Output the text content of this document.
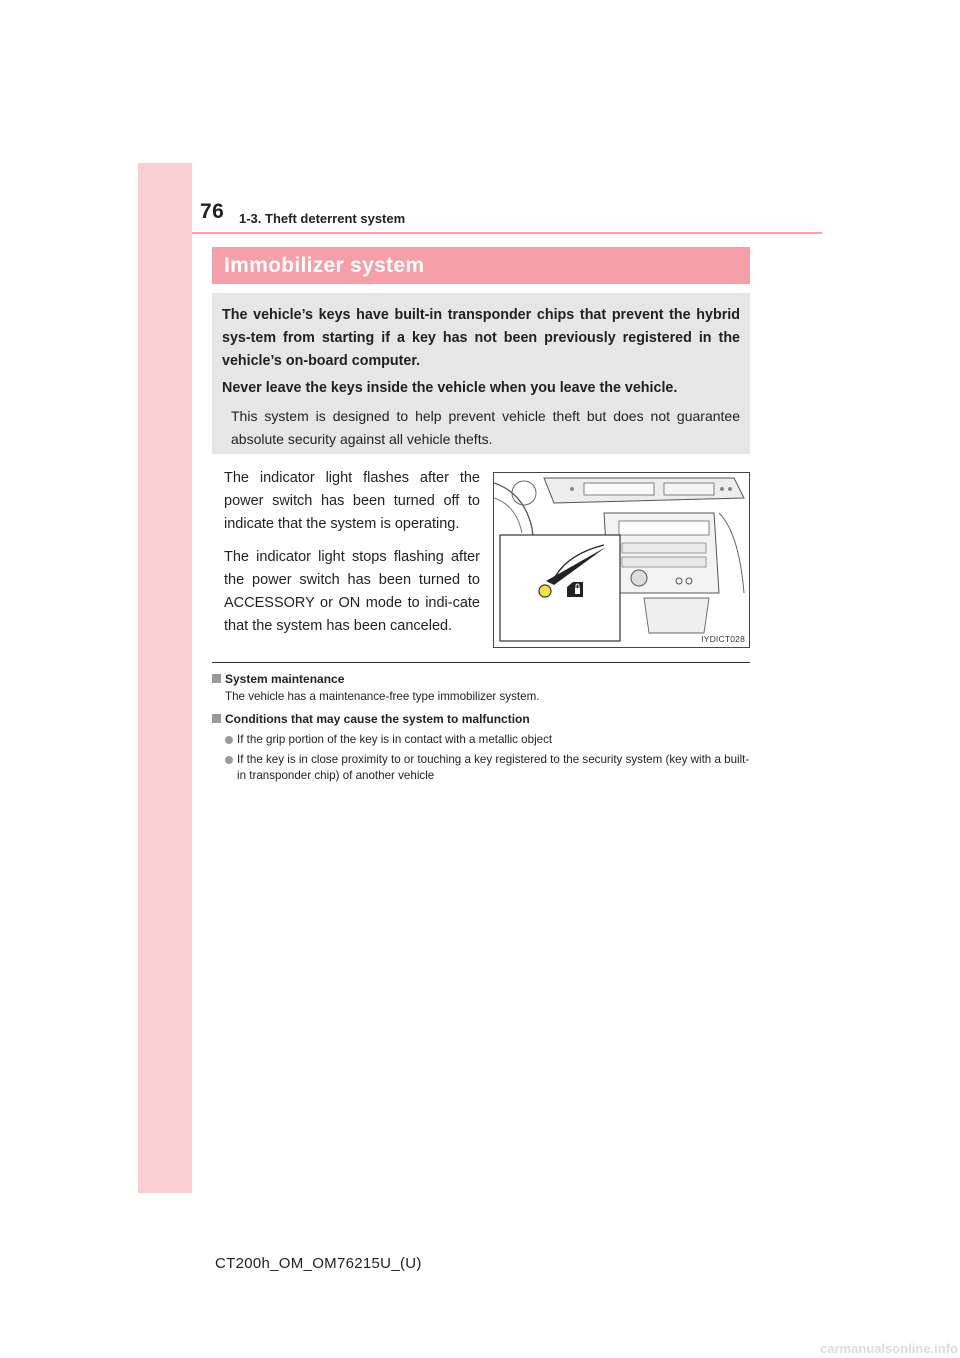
76 1-3. Theft deterrent system
Immobilizer system

The vehicle’s keys have built-in transponder chips that prevent the hybrid sys-tem from starting if a key has not been previously registered in the vehicle’s on-board computer.

Never leave the keys inside the vehicle when you leave the vehicle.

This system is designed to help prevent vehicle theft but does not guarantee absolute security against all vehicle thefts.

The indicator light flashes after the power switch has been turned off to indicate that the system is operating.

The indicator light stops flashing after the power switch has been turned to ACCESSORY or ON mode to indi-cate that the system has been canceled.

IYDICT028
System maintenance
The vehicle has a maintenance-free type immobilizer system.
Conditions that may cause the system to malfunction
If the grip portion of the key is in contact with a metallic object
If the key is in close proximity to or touching a key registered to the security system (key with a built-in transponder chip) of another vehicle
CT200h_OM_OM76215U_(U)
carmanualsonline.info
